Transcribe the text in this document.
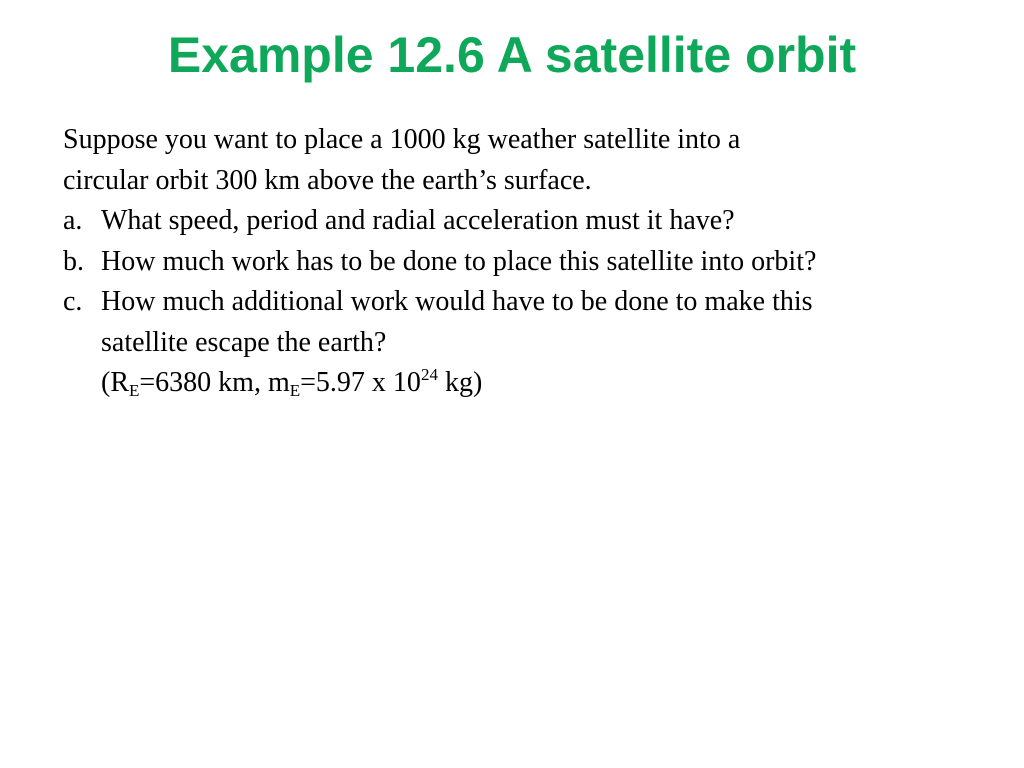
Example 12.6 A satellite orbit
Suppose you want to place a 1000 kg weather satellite into a
circular orbit 300 km above the earth’s surface.
a. What speed, period and radial acceleration must it have?
b. How much work has to be done to place this satellite into orbit?
c. How much additional work would have to be done to make this
satellite escape the earth?
($R_E=6380$ km, $m_E=5.97$ x $10^{24}$ kg)
